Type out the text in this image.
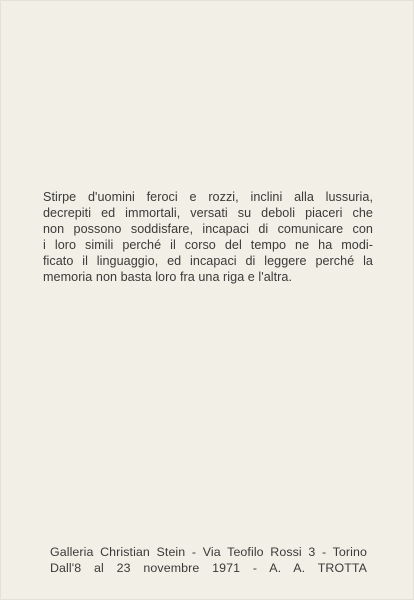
Stirpe d'uomini feroci e rozzi, inclini alla lussuria,
decrepiti ed immortali, versati su deboli piaceri che
non possono soddisfare, incapaci di comunicare con
i loro simili perché il corso del tempo ne ha modi-
ficato il linguaggio, ed incapaci di leggere perché la
memoria non basta loro fra una riga e l'altra.

Galleria Christian Stein - Via Teofilo Rossi 3 - Torino
Dall'8 al 23 novembre 1971 - A. A. TROTTA
